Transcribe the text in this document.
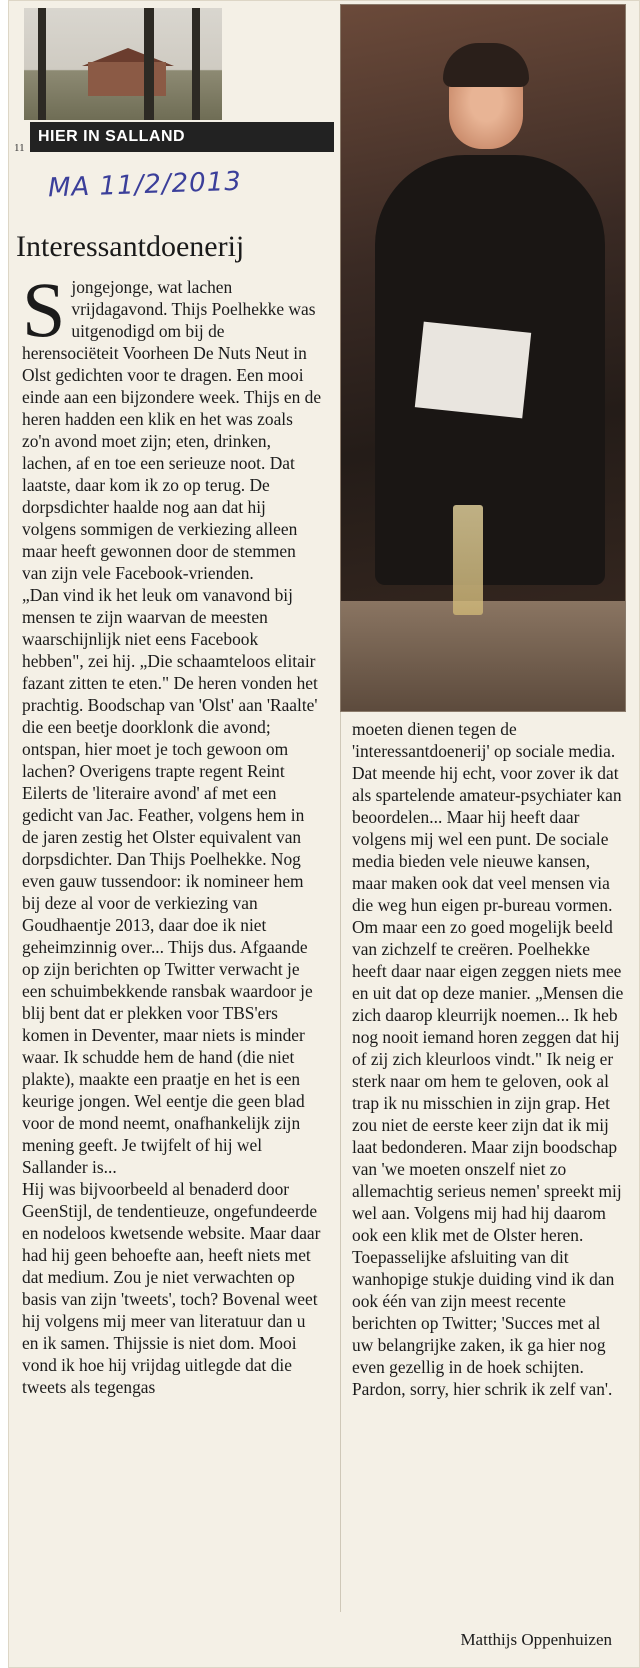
HIER IN SALLAND
11
MA 11/2/2013
Interessantdoenerij
S jongejonge, wat lachen vrijdagavond. Thijs Poelhekke was uitgenodigd om bij de herensociëteit Voorheen De Nuts Neut in Olst gedichten voor te dragen. Een mooi einde aan een bijzondere week. Thijs en de heren hadden een klik en het was zoals zo'n avond moet zijn; eten, drinken, lachen, af en toe een serieuze noot. Dat laatste, daar kom ik zo op terug. De dorpsdichter haalde nog aan dat hij volgens sommigen de verkiezing alleen maar heeft gewonnen door de stemmen van zijn vele Facebook-vrienden.

„Dan vind ik het leuk om vanavond bij mensen te zijn waarvan de meesten waarschijnlijk niet eens Facebook hebben", zei hij. „Die schaamteloos elitair fazant zitten te eten." De heren vonden het prachtig. Boodschap van 'Olst' aan 'Raalte' die een beetje doorklonk die avond; ontspan, hier moet je toch gewoon om lachen? Overigens trapte regent Reint Eilerts de 'literaire avond' af met een gedicht van Jac. Feather, volgens hem in de jaren zestig het Olster equivalent van dorpsdichter. Dan Thijs Poelhekke. Nog even gauw tussendoor: ik nomineer hem bij deze al voor de verkiezing van Goudhaentje 2013, daar doe ik niet geheimzinnig over... Thijs dus. Afgaande op zijn berichten op Twitter verwacht je een schuimbekkende ransbak waardoor je blij bent dat er plekken voor TBS'ers komen in Deventer, maar niets is minder waar. Ik schudde hem de hand (die niet plakte), maakte een praatje en het is een keurige jongen. Wel eentje die geen blad voor de mond neemt, onafhankelijk zijn mening geeft. Je twijfelt of hij wel Sallander is...

Hij was bijvoorbeeld al benaderd door GeenStijl, de tendentieuze, ongefundeerde en nodeloos kwetsende website. Maar daar had hij geen behoefte aan, heeft niets met dat medium. Zou je niet verwachten op basis van zijn 'tweets', toch? Bovenal weet hij volgens mij meer van literatuur dan u en ik samen. Thijssie is niet dom. Mooi vond ik hoe hij vrijdag uitlegde dat die tweets als tegengas

moeten dienen tegen de 'interessantdoenerij' op sociale media. Dat meende hij echt, voor zover ik dat als spartelende amateur-psychiater kan beoordelen... Maar hij heeft daar volgens mij wel een punt. De sociale media bieden vele nieuwe kansen, maar maken ook dat veel mensen via die weg hun eigen pr-bureau vormen. Om maar een zo goed mogelijk beeld van zichzelf te creëren. Poelhekke heeft daar naar eigen zeggen niets mee en uit dat op deze manier. „Mensen die zich daarop kleurrijk noemen... Ik heb nog nooit iemand horen zeggen dat hij of zij zich kleurloos vindt." Ik neig er sterk naar om hem te geloven, ook al trap ik nu misschien in zijn grap. Het zou niet de eerste keer zijn dat ik mij laat bedonderen. Maar zijn boodschap van 'we moeten onszelf niet zo allemachtig serieus nemen' spreekt mij wel aan. Volgens mij had hij daarom ook een klik met de Olster heren. Toepasselijke afsluiting van dit wanhopige stukje duiding vind ik dan ook één van zijn meest recente berichten op Twitter; 'Succes met al uw belangrijke zaken, ik ga hier nog even gezellig in de hoek schijten. Pardon, sorry, hier schrik ik zelf van'.

Matthijs Oppenhuizen
